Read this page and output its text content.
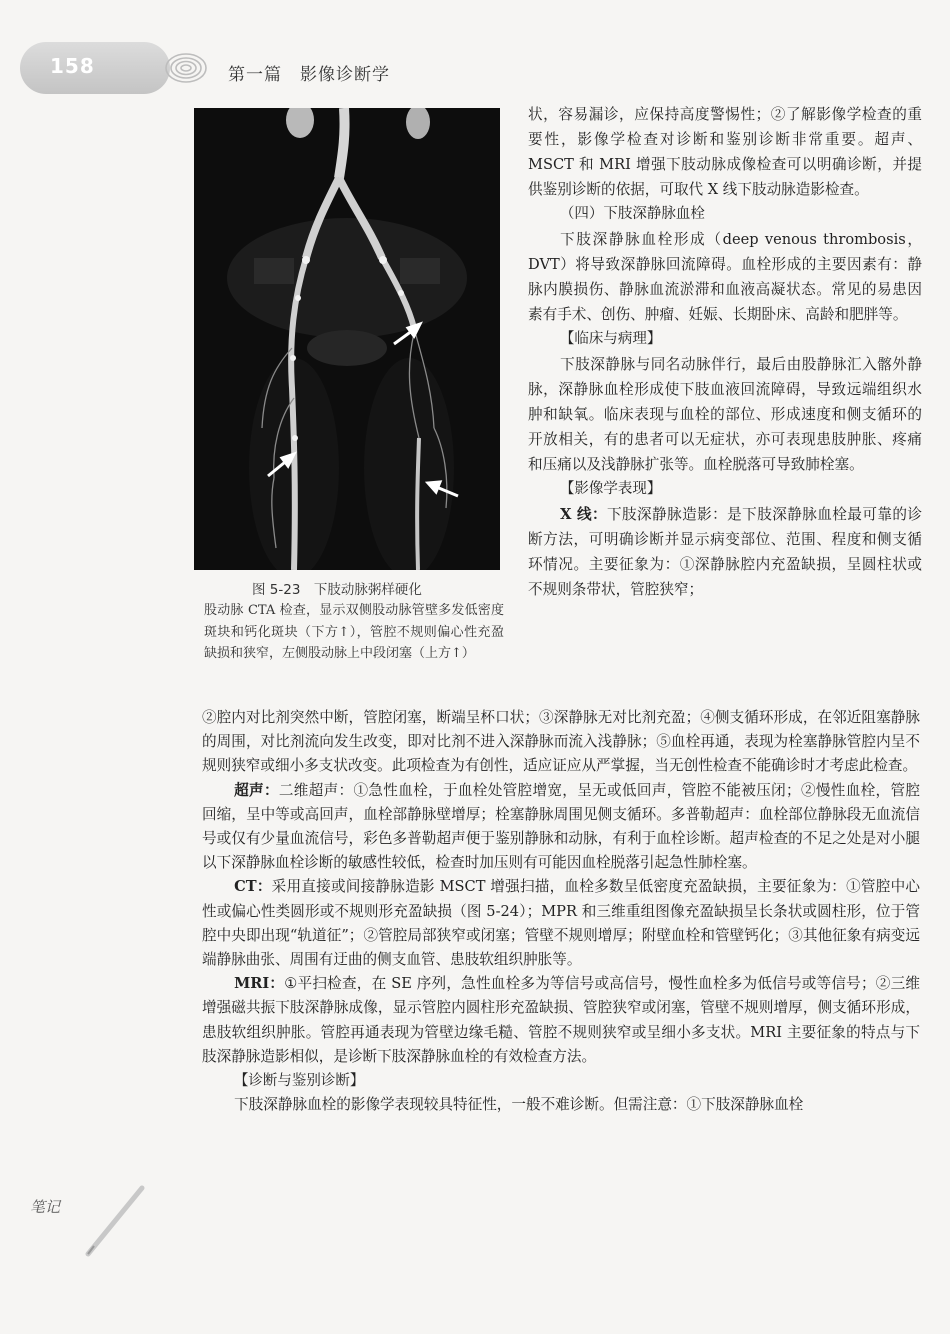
158	第一篇　影像诊断学
图 5-23　下肢动脉粥样硬化
股动脉 CTA 检查，显示双侧股动脉管壁多发低密度斑块和钙化斑块（下方↑），管腔不规则偏心性充盈缺损和狭窄，左侧股动脉上中段闭塞（上方↑）

状，容易漏诊，应保持高度警惕性；②了解影像学检查的重要性，影像学检查对诊断和鉴别诊断非常重要。超声、MSCT 和 MRI 增强下肢动脉成像检查可以明确诊断，并提供鉴别诊断的依据，可取代 X 线下肢动脉造影检查。

（四）下肢深静脉血栓

下肢深静脉血栓形成（deep venous thrombosis，DVT）将导致深静脉回流障碍。血栓形成的主要因素有：静脉内膜损伤、静脉血流淤滞和血液高凝状态。常见的易患因素有手术、创伤、肿瘤、妊娠、长期卧床、高龄和肥胖等。

【临床与病理】

下肢深静脉与同名动脉伴行，最后由股静脉汇入髂外静脉，深静脉血栓形成使下肢血液回流障碍，导致远端组织水肿和缺氧。临床表现与血栓的部位、形成速度和侧支循环的开放相关，有的患者可以无症状，亦可表现患肢肿胀、疼痛和压痛以及浅静脉扩张等。血栓脱落可导致肺栓塞。

【影像学表现】

X 线：下肢深静脉造影：是下肢深静脉血栓最可靠的诊断方法，可明确诊断并显示病变部位、范围、程度和侧支循环情况。主要征象为：①深静脉腔内充盈缺损，呈圆柱状或不规则条带状，管腔狭窄；

②腔内对比剂突然中断，管腔闭塞，断端呈杯口状；③深静脉无对比剂充盈；④侧支循环形成，在邻近阻塞静脉的周围，对比剂流向发生改变，即对比剂不进入深静脉而流入浅静脉；⑤血栓再通，表现为栓塞静脉管腔内呈不规则狭窄或细小多支状改变。此项检查为有创性，适应证应从严掌握，当无创性检查不能确诊时才考虑此检查。

超声：二维超声：①急性血栓，于血栓处管腔增宽，呈无或低回声，管腔不能被压闭；②慢性血栓，管腔回缩，呈中等或高回声，血栓部静脉壁增厚；栓塞静脉周围见侧支循环。多普勒超声：血栓部位静脉段无血流信号或仅有少量血流信号，彩色多普勒超声便于鉴别静脉和动脉，有利于血栓诊断。超声检查的不足之处是对小腿以下深静脉血栓诊断的敏感性较低，检查时加压则有可能因血栓脱落引起急性肺栓塞。

CT：采用直接或间接静脉造影 MSCT 增强扫描，血栓多数呈低密度充盈缺损，主要征象为：①管腔中心性或偏心性类圆形或不规则形充盈缺损（图 5-24）；MPR 和三维重组图像充盈缺损呈长条状或圆柱形，位于管腔中央即出现“轨道征”；②管腔局部狭窄或闭塞；管壁不规则增厚；附壁血栓和管壁钙化；③其他征象有病变远端静脉曲张、周围有迂曲的侧支血管、患肢软组织肿胀等。

MRI：①平扫检查，在 SE 序列，急性血栓多为等信号或高信号，慢性血栓多为低信号或等信号；②三维增强磁共振下肢深静脉成像，显示管腔内圆柱形充盈缺损、管腔狭窄或闭塞，管壁不规则增厚，侧支循环形成，患肢软组织肿胀。管腔再通表现为管壁边缘毛糙、管腔不规则狭窄或呈细小多支状。MRI 主要征象的特点与下肢深静脉造影相似，是诊断下肢深静脉血栓的有效检查方法。

【诊断与鉴别诊断】

下肢深静脉血栓的影像学表现较具特征性，一般不难诊断。但需注意：①下肢深静脉血栓

笔记
